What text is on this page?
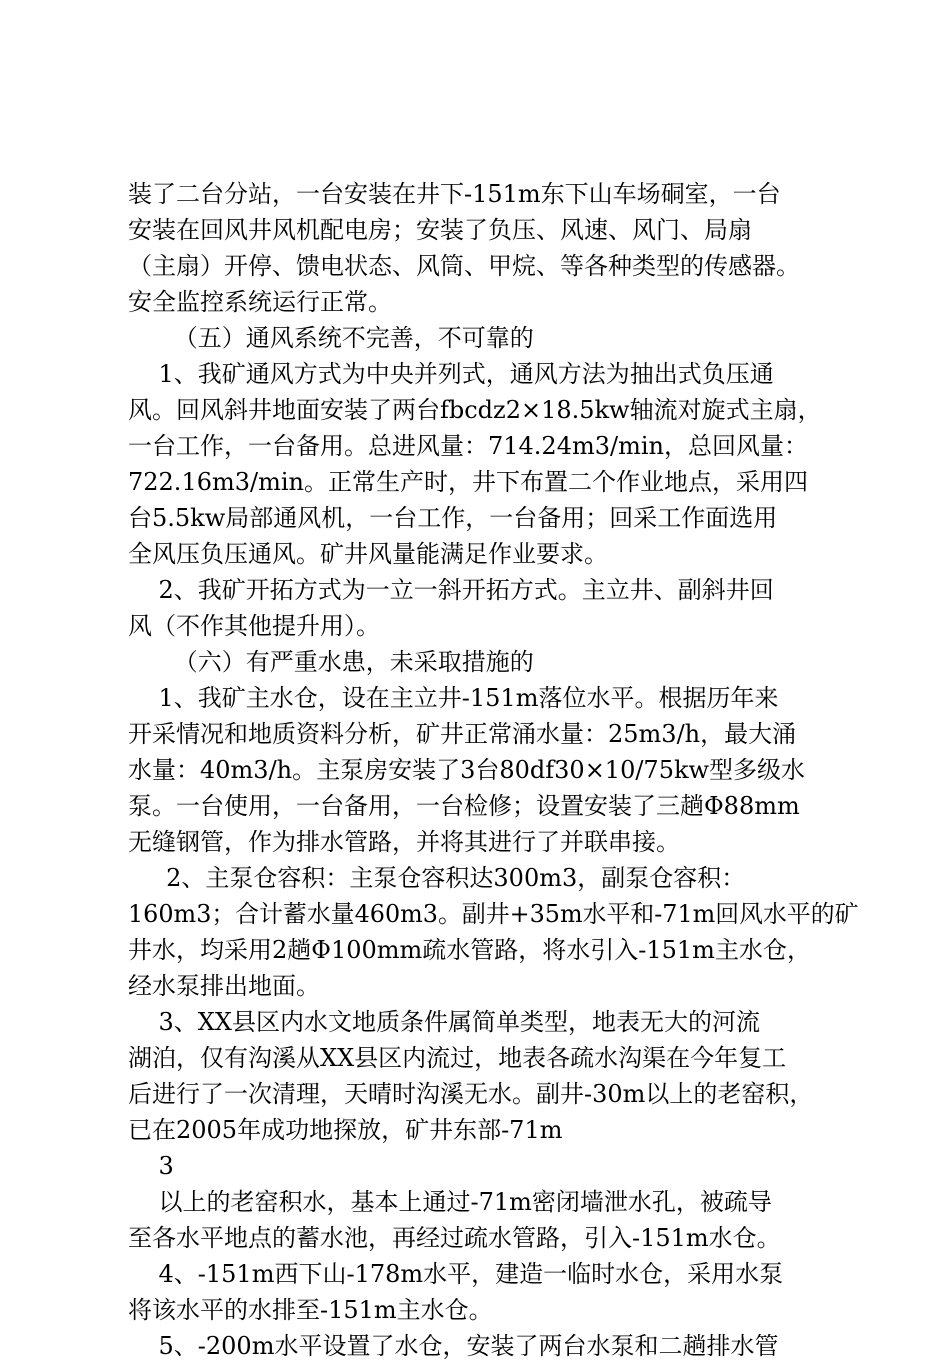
装了二台分站，一台安装在井下-151m东下山车场硐室，一台
安装在回风井风机配电房；安装了负压、风速、风门、局扇
（主扇）开停、馈电状态、风筒、甲烷、等各种类型的传感器。
安全监控系统运行正常。
（五）通风系统不完善，不可靠的
1、我矿通风方式为中央并列式，通风方法为抽出式负压通
风。回风斜井地面安装了两台fbcdz2×18.5kw轴流对旋式主扇，
一台工作，一台备用。总进风量：714.24m3/min，总回风量：
722.16m3/min。正常生产时，井下布置二个作业地点，采用四
台5.5kw局部通风机，一台工作，一台备用；回采工作面选用
全风压负压通风。矿井风量能满足作业要求。
2、我矿开拓方式为一立一斜开拓方式。主立井、副斜井回
风（不作其他提升用）。
（六）有严重水患，未采取措施的
1、我矿主水仓，设在主立井-151m落位水平。根据历年来
开采情况和地质资料分析，矿井正常涌水量：25m3/h，最大涌
水量：40m3/h。主泵房安装了3台80df30×10/75kw型多级水
泵。一台使用，一台备用，一台检修；设置安装了三趟Φ88mm
无缝钢管，作为排水管路，并将其进行了并联串接。
2、主泵仓容积：主泵仓容积达300m3，副泵仓容积：
160m3；合计蓄水量460m3。副井+35m水平和-71m回风水平的矿
井水，均采用2趟Φ100mm疏水管路，将水引入-151m主水仓，
经水泵排出地面。
3、XX县区内水文地质条件属简单类型，地表无大的河流
湖泊，仅有沟溪从XX县区内流过，地表各疏水沟渠在今年复工
后进行了一次清理，天晴时沟溪无水。副井-30m以上的老窑积，
已在2005年成功地探放，矿井东部-71m
3
以上的老窑积水，基本上通过-71m密闭墙泄水孔，被疏导
至各水平地点的蓄水池，再经过疏水管路，引入-151m水仓。
4、-151m西下山-178m水平，建造一临时水仓，采用水泵
将该水平的水排至-151m主水仓。
5、-200m水平设置了水仓，安装了两台水泵和二趟排水管
